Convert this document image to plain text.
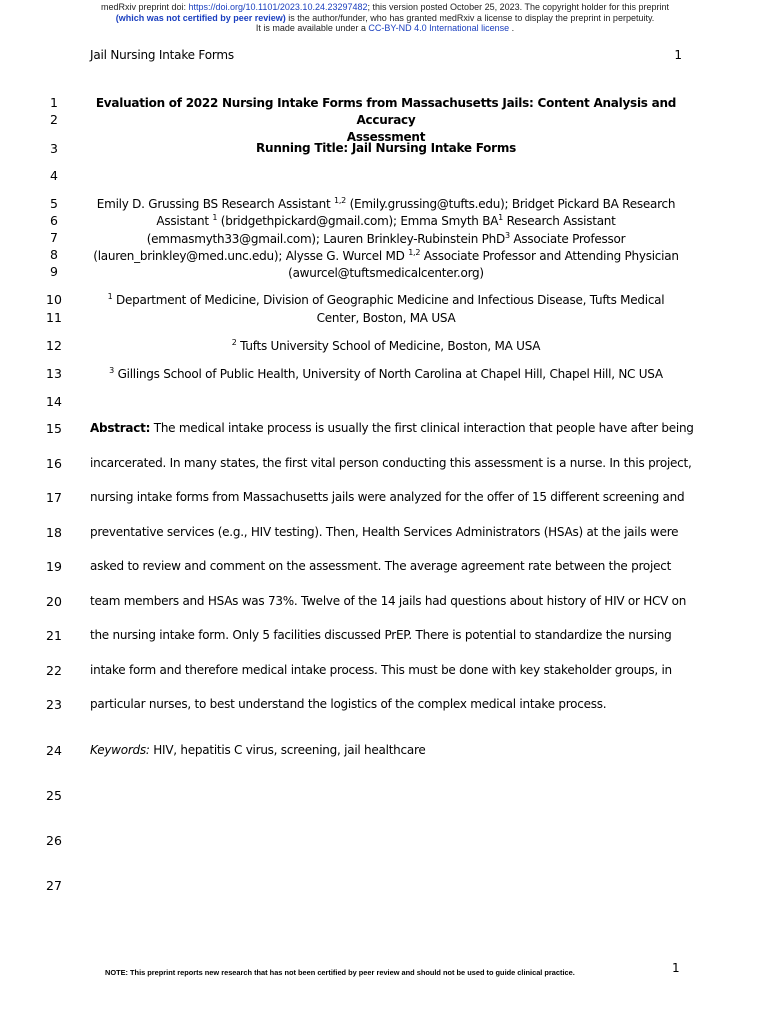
medRxiv preprint doi: https://doi.org/10.1101/2023.10.24.23297482; this version posted October 25, 2023. The copyright holder for this preprint
(which was not certified by peer review) is the author/funder, who has granted medRxiv a license to display the preprint in perpetuity.
It is made available under a CC-BY-ND 4.0 International license .
Jail Nursing Intake Forms	1
1
2
3
4
5
6
7
8
9
10
11
12
13
14
15
16
17
18
19
20
21
22
23
24
25
26
27
Evaluation of 2022 Nursing Intake Forms from Massachusetts Jails: Content Analysis and Accuracy
Assessment
Running Title: Jail Nursing Intake Forms
Emily D. Grussing BS Research Assistant $^{1,2}$ (Emily.grussing@tufts.edu); Bridget Pickard BA Research
Assistant $^1$ (bridgethpickard@gmail.com); Emma Smyth $BA^1$ Research Assistant
(emmasmyth33@gmail.com); Lauren Brinkley-Rubinstein PhD$^3$ Associate Professor
(lauren_brinkley@med.unc.edu); Alysse G. Wurcel MD $^{1,2}$ Associate Professor and Attending Physician
(awurcel@tuftsmedicalcenter.org)
$^1$ Department of Medicine, Division of Geographic Medicine and Infectious Disease, Tufts Medical
Center, Boston, MA USA
$^2$ Tufts University School of Medicine, Boston, MA USA
$^3$ Gillings School of Public Health, University of North Carolina at Chapel Hill, Chapel Hill, NC USA
Abstract: The medical intake process is usually the first clinical interaction that people have after being
incarcerated. In many states, the first vital person conducting this assessment is a nurse. In this project,
nursing intake forms from Massachusetts jails were analyzed for the offer of 15 different screening and
preventative services (e.g., HIV testing). Then, Health Services Administrators (HSAs) at the jails were
asked to review and comment on the assessment. The average agreement rate between the project
team members and HSAs was 73%. Twelve of the 14 jails had questions about history of HIV or HCV on
the nursing intake form. Only 5 facilities discussed PrEP. There is potential to standardize the nursing
intake form and therefore medical intake process. This must be done with key stakeholder groups, in
particular nurses, to best understand the logistics of the complex medical intake process.
Keywords: HIV, hepatitis C virus, screening, jail healthcare
NOTE: This preprint reports new research that has not been certified by peer review and should not be used to guide clinical practice.	1
